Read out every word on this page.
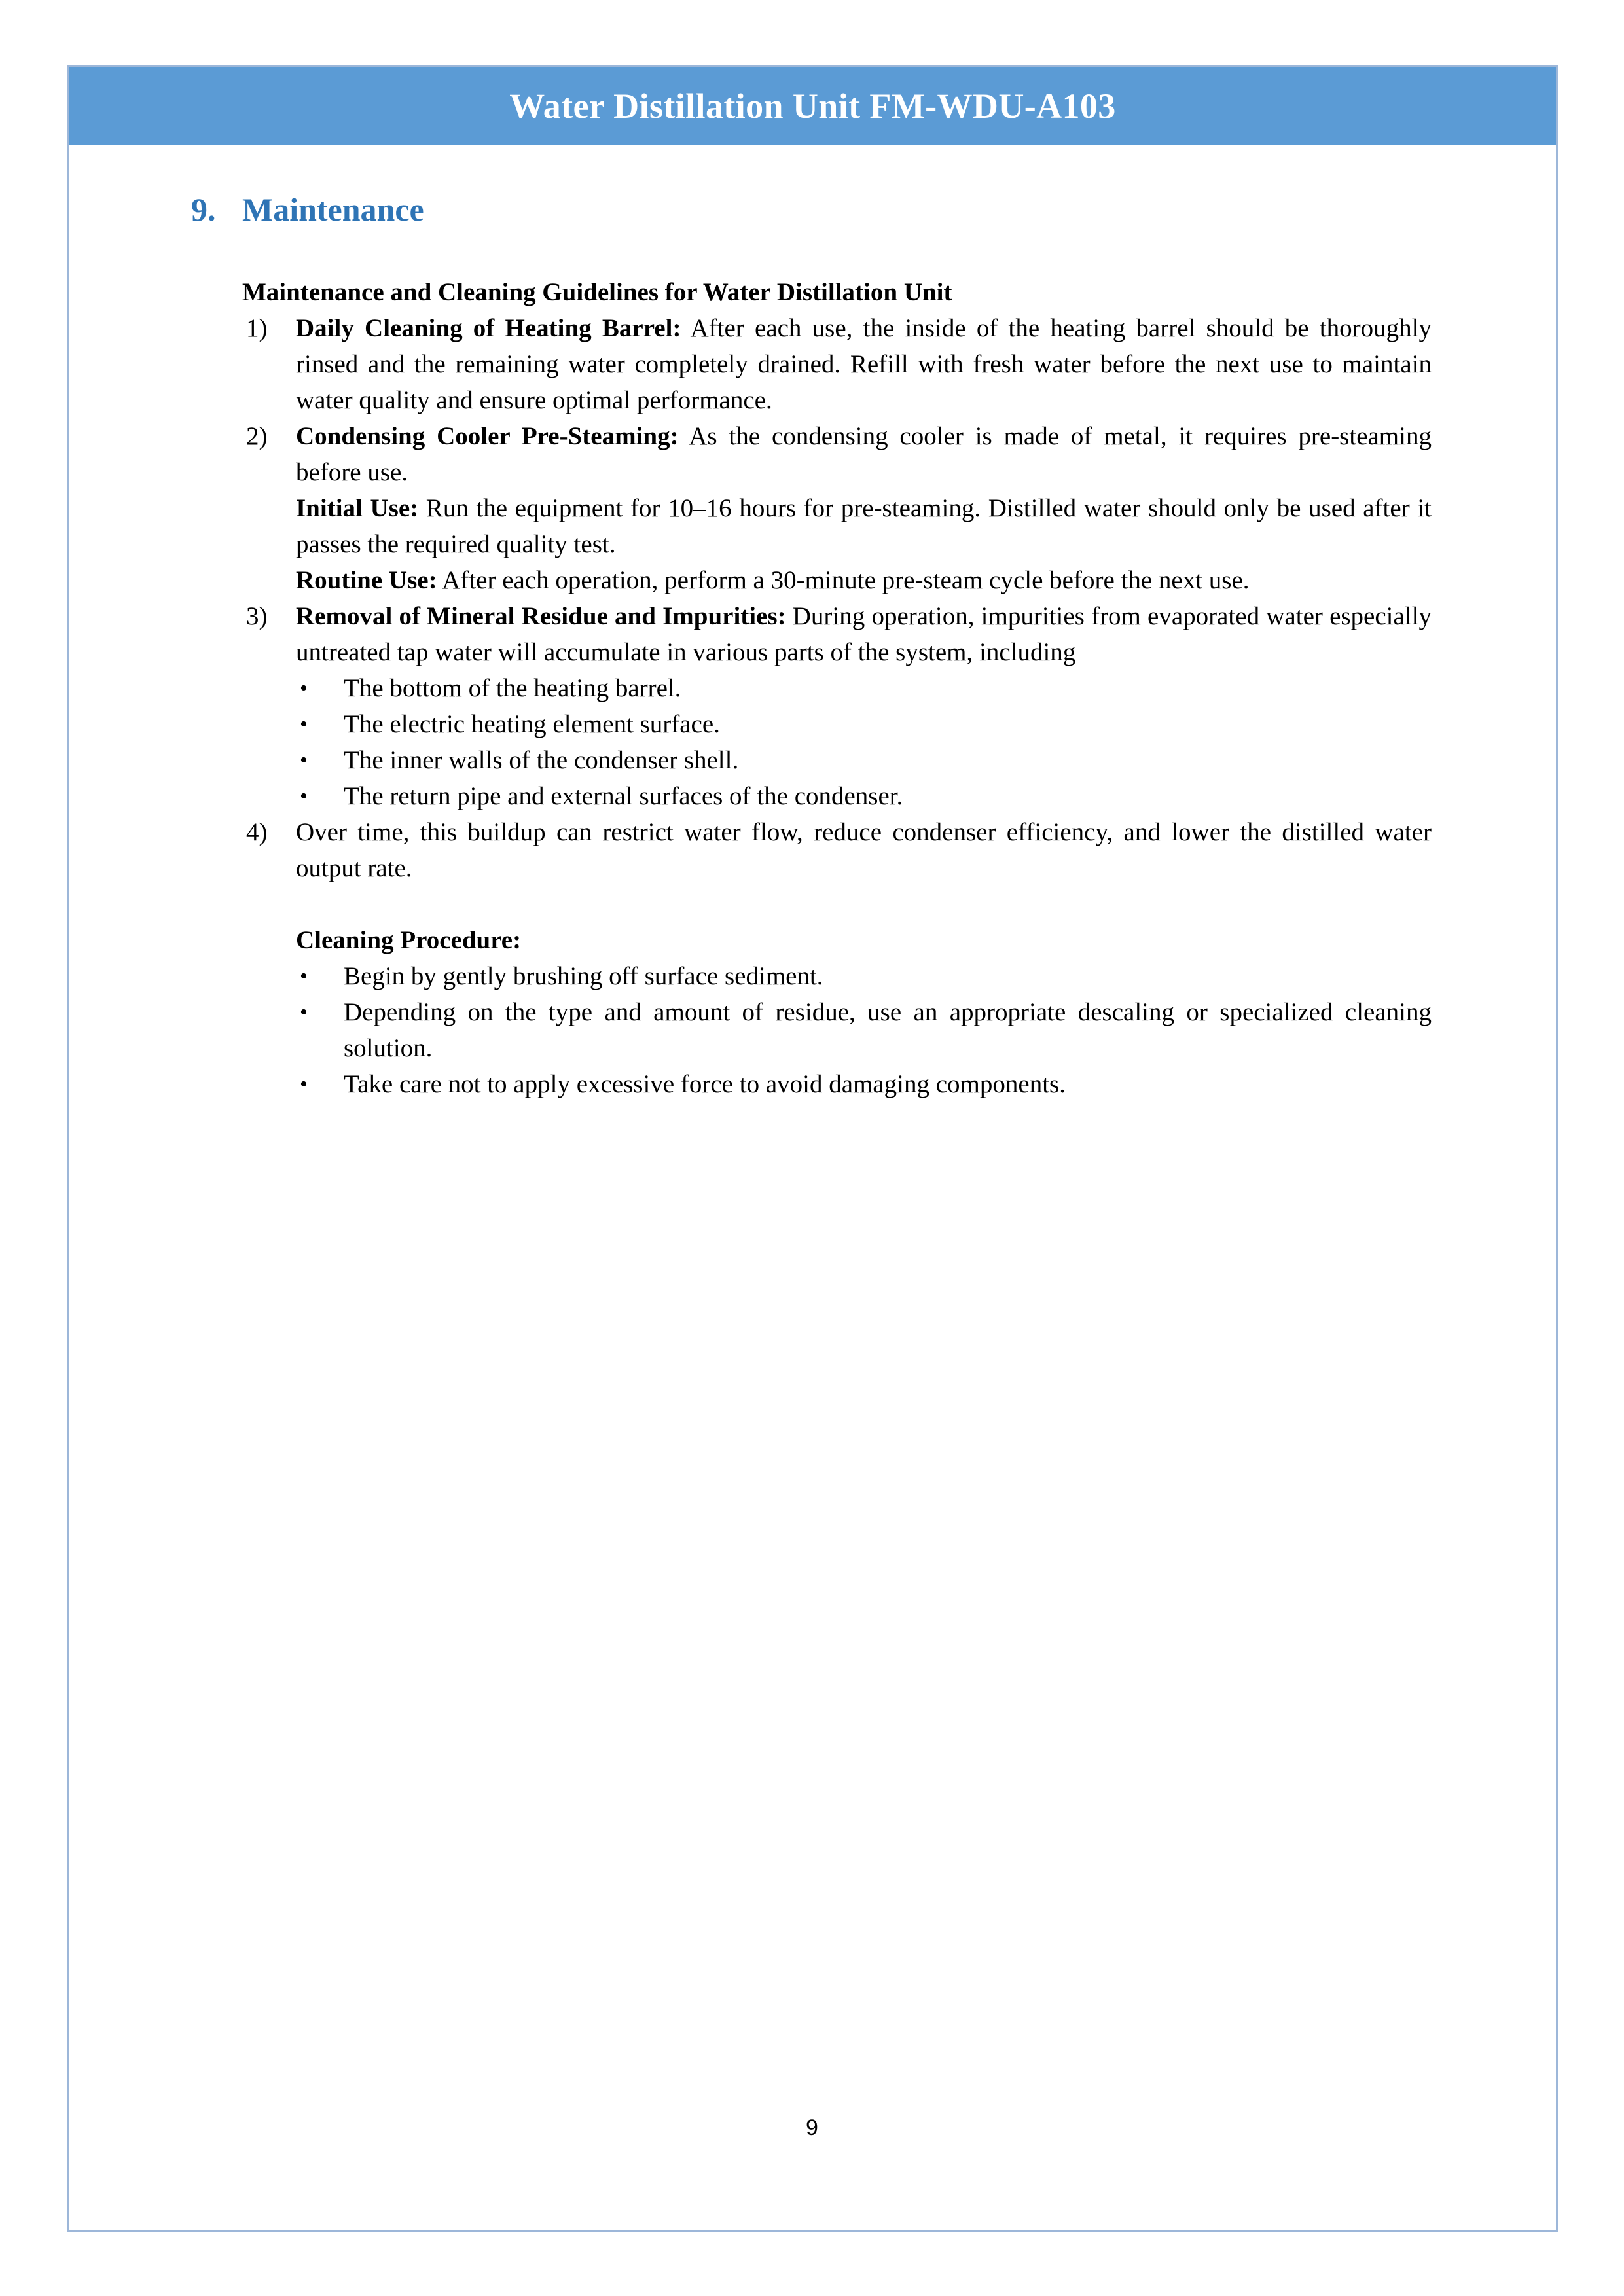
Water Distillation Unit FM-WDU-A103
9. Maintenance

Maintenance and Cleaning Guidelines for Water Distillation Unit

1)	Daily Cleaning of Heating Barrel: After each use, the inside of the heating barrel should be thoroughly rinsed and the remaining water completely drained. Refill with fresh water before the next use to maintain water quality and ensure optimal performance.

2)	Condensing Cooler Pre-Steaming: As the condensing cooler is made of metal, it requires pre-steaming before use.

Initial Use: Run the equipment for 10–16 hours for pre-steaming. Distilled water should only be used after it passes the required quality test.

Routine Use: After each operation, perform a 30-minute pre-steam cycle before the next use.

3)	Removal of Mineral Residue and Impurities: During operation, impurities from evaporated water especially untreated tap water will accumulate in various parts of the system, including

•	The bottom of the heating barrel.
•	The electric heating element surface.
•	The inner walls of the condenser shell.
•	The return pipe and external surfaces of the condenser.
4)	Over time, this buildup can restrict water flow, reduce condenser efficiency, and lower the distilled water output rate.

Cleaning Procedure:

•	Begin by gently brushing off surface sediment.
•	Depending on the type and amount of residue, use an appropriate descaling or specialized cleaning solution.
•	Take care not to apply excessive force to avoid damaging components.
9
